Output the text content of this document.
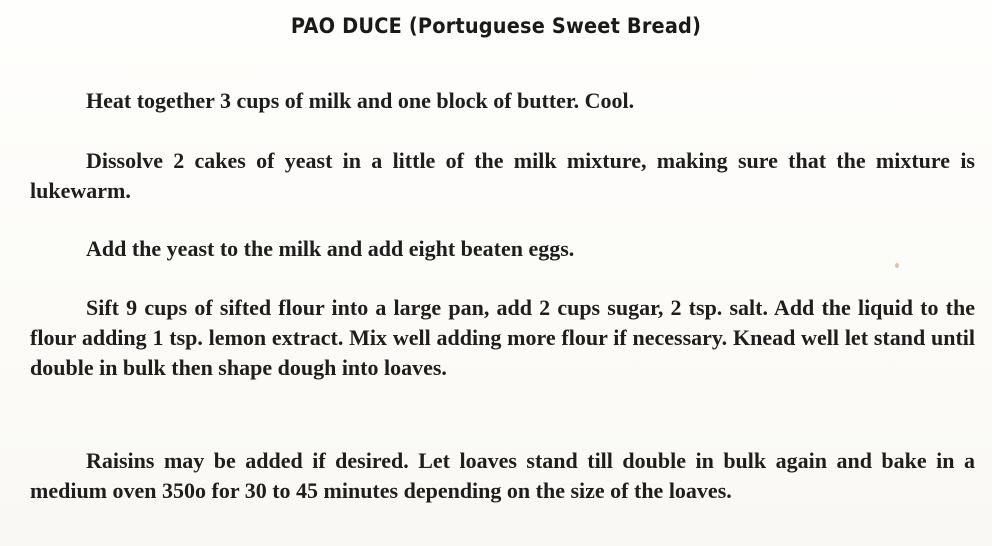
PAO DUCE (Portuguese Sweet Bread)

Heat together 3 cups of milk and one block of butter. Cool.

Dissolve 2 cakes of yeast in a little of the milk mixture, making sure that the mixture is lukewarm.

Add the yeast to the milk and add eight beaten eggs.

Sift 9 cups of sifted flour into a large pan, add 2 cups sugar, 2 tsp. salt. Add the liquid to the flour adding 1 tsp. lemon extract. Mix well adding more flour if necessary. Knead well let stand until double in bulk then shape dough into loaves.

Raisins may be added if desired. Let loaves stand till double in bulk again and bake in a medium oven 350o for 30 to 45 minutes depending on the size of the loaves.
